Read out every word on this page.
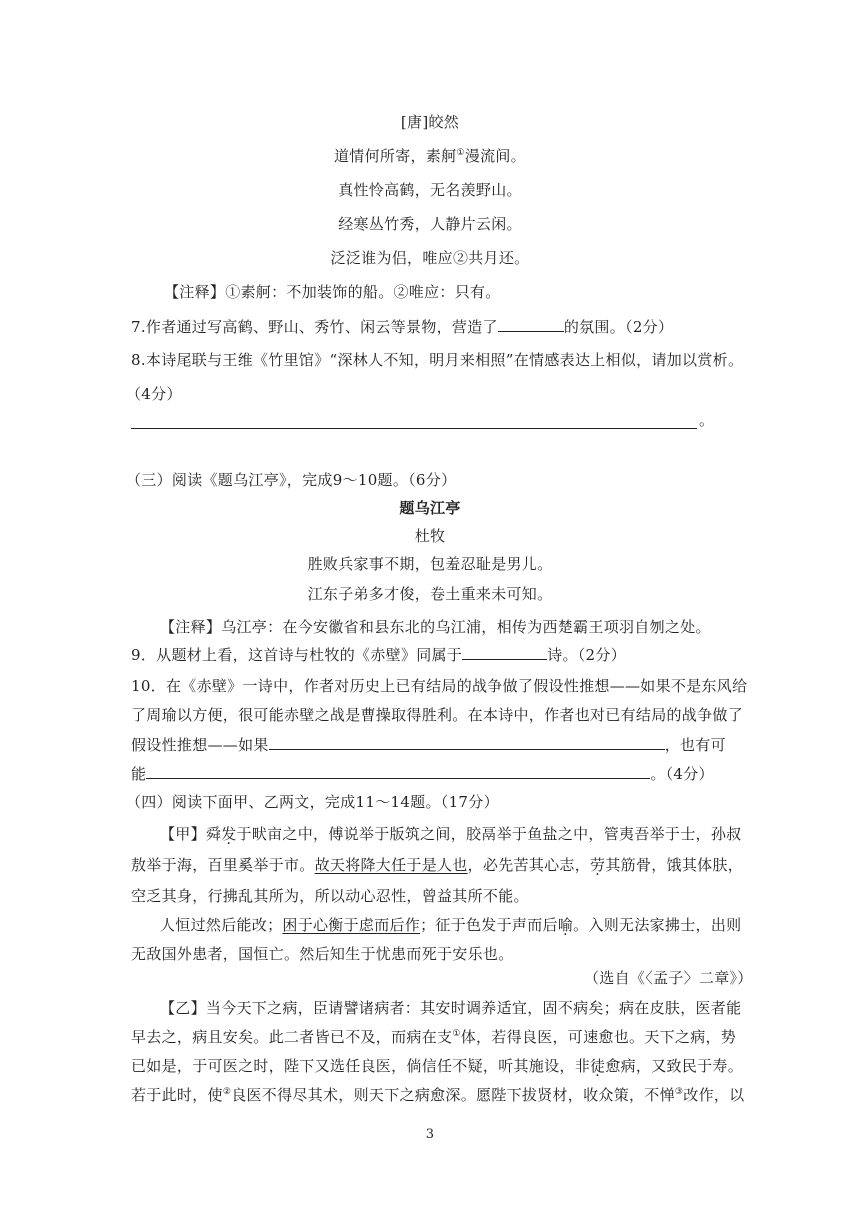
[唐]皎然
道情何所寄，素舸①漫流间。
真性怜高鹤，无名羡野山。
经寒丛竹秀，人静片云闲。
泛泛谁为侣，唯应②共月还。
【注释】①素舸：不加装饰的船。②唯应：只有。
7.作者通过写高鹤、野山、秀竹、闲云等景物，营造了	的氛围。（2分）
8.本诗尾联与王维《竹里馆》“深林人不知，明月来相照”在情感表达上相似，请加以赏析。
（4分）
。
（三）阅读《题乌江亭》，完成9～10题。（6分）
题乌江亭
杜牧
胜败兵家事不期，包羞忍耻是男儿。
江东子弟多才俊，卷土重来未可知。
【注释】乌江亭：在今安徽省和县东北的乌江浦，相传为西楚霸王项羽自刎之处。
9．从题材上看，这首诗与杜牧的《赤壁》同属于	诗。（2分）
10．在《赤壁》一诗中，作者对历史上已有结局的战争做了假设性推想——如果不是东风给
了周瑜以方便，很可能赤壁之战是曹操取得胜利。在本诗中，作者也对已有结局的战争做了
假设性推想——如果	，也有可
能	。（4分）
（四）阅读下面甲、乙两文，完成11～14题。（17分）
【甲】舜发于畎亩之中，傅说举于版筑之间，胶鬲举于鱼盐之中，管夷吾举于士，孙叔
敖举于海，百里奚举于市。故天将降大任于是人也，必先苦其心志，劳其筋骨，饿其体肤，
空乏其身，行拂乱其所为，所以动心忍性，曾益其所不能。
人恒过然后能改；困于心衡于虑而后作；征于色发于声而后喻。入则无法家拂士，出则
无敌国外患者，国恒亡。然后知生于忧患而死于安乐也。
（选自《〈孟子〉二章》）
【乙】当今天下之病，臣请譬诸病者：其安时调养适宜，固不病矣；病在皮肤，医者能
早去之，病且安矣。此二者皆已不及，而病在支①体，若得良医，可速愈也。天下之病，势
已如是，于可医之时，陛下又选任良医，倘信任不疑，听其施设，非徒愈病，又致民于寿。
若于此时，使②良医不得尽其术，则天下之病愈深。愿陛下拔贤材，收众策，不惮③改作，以
3
